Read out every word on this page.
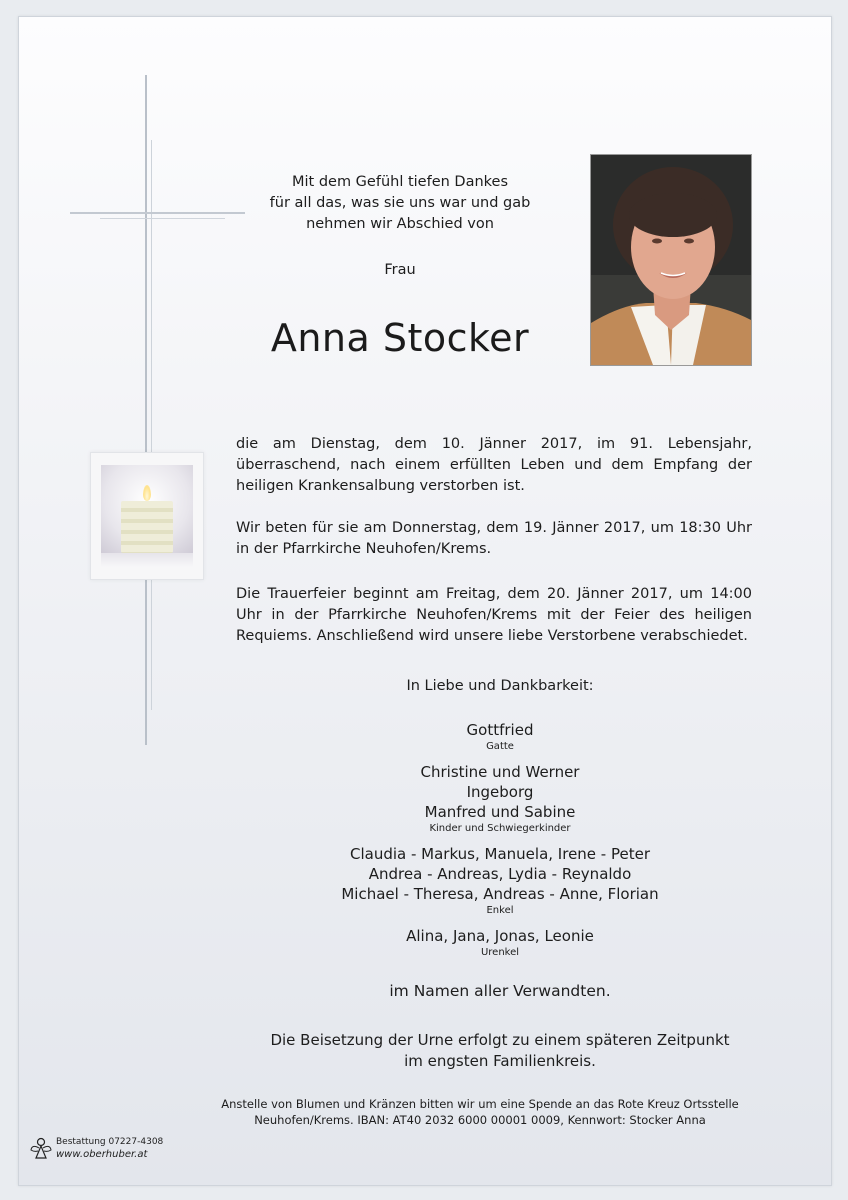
Mit dem Gefühl tiefen Dankes
für all das, was sie uns war und gab
nehmen wir Abschied von
Frau
Anna Stocker
die am Dienstag, dem 10. Jänner 2017, im 91. Lebensjahr, überraschend, nach einem erfüllten Leben und dem Empfang der heiligen Krankensalbung verstorben ist.
Wir beten für sie am Donnerstag, dem 19. Jänner 2017, um 18:30 Uhr in der Pfarrkirche Neuhofen/Krems.
Die Trauerfeier beginnt am Freitag, dem 20. Jänner 2017, um 14:00 Uhr in der Pfarrkirche Neuhofen/Krems mit der Feier des heiligen Requiems. Anschließend wird unsere liebe Verstorbene verabschiedet.
In Liebe und Dankbarkeit:
Gottfried
Gatte
Christine und Werner
Ingeborg
Manfred und Sabine
Kinder und Schwiegerkinder
Claudia - Markus, Manuela, Irene - Peter
Andrea - Andreas, Lydia - Reynaldo
Michael - Theresa, Andreas - Anne, Florian
Enkel
Alina, Jana, Jonas, Leonie
Urenkel
im Namen aller Verwandten.
Die Beisetzung der Urne erfolgt zu einem späteren Zeitpunkt
im engsten Familienkreis.
Anstelle von Blumen und Kränzen bitten wir um eine Spende an das Rote Kreuz Ortsstelle
Neuhofen/Krems. IBAN: AT40 2032 6000 00001 0009, Kennwort: Stocker Anna
Bestattung 07227-4308
www.oberhuber.at
